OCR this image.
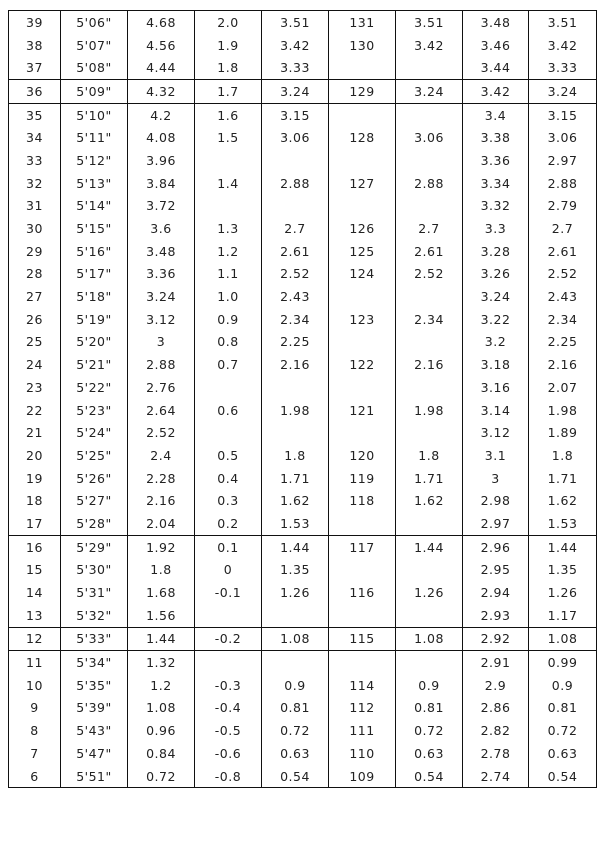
39	5'06"	4.68	2.0	3.51	131	3.51	3.48	3.51
38	5'07"	4.56	1.9	3.42	130	3.42	3.46	3.42
37	5'08"	4.44	1.8	3.33			3.44	3.33
36	5'09"	4.32	1.7	3.24	129	3.24	3.42	3.24
35	5'10"	4.2	1.6	3.15			3.4	3.15
34	5'11"	4.08	1.5	3.06	128	3.06	3.38	3.06
33	5'12"	3.96					3.36	2.97
32	5'13"	3.84	1.4	2.88	127	2.88	3.34	2.88
31	5'14"	3.72					3.32	2.79
30	5'15"	3.6	1.3	2.7	126	2.7	3.3	2.7
29	5'16"	3.48	1.2	2.61	125	2.61	3.28	2.61
28	5'17"	3.36	1.1	2.52	124	2.52	3.26	2.52
27	5'18"	3.24	1.0	2.43			3.24	2.43
26	5'19"	3.12	0.9	2.34	123	2.34	3.22	2.34
25	5'20"	3	0.8	2.25			3.2	2.25
24	5'21"	2.88	0.7	2.16	122	2.16	3.18	2.16
23	5'22"	2.76					3.16	2.07
22	5'23"	2.64	0.6	1.98	121	1.98	3.14	1.98
21	5'24"	2.52					3.12	1.89
20	5'25"	2.4	0.5	1.8	120	1.8	3.1	1.8
19	5'26"	2.28	0.4	1.71	119	1.71	3	1.71
18	5'27"	2.16	0.3	1.62	118	1.62	2.98	1.62
17	5'28"	2.04	0.2	1.53			2.97	1.53
16	5'29"	1.92	0.1	1.44	117	1.44	2.96	1.44
15	5'30"	1.8	0	1.35			2.95	1.35
14	5'31"	1.68	-0.1	1.26	116	1.26	2.94	1.26
13	5'32"	1.56					2.93	1.17
12	5'33"	1.44	-0.2	1.08	115	1.08	2.92	1.08
11	5'34"	1.32					2.91	0.99
10	5'35"	1.2	-0.3	0.9	114	0.9	2.9	0.9
9	5'39"	1.08	-0.4	0.81	112	0.81	2.86	0.81
8	5'43"	0.96	-0.5	0.72	111	0.72	2.82	0.72
7	5'47"	0.84	-0.6	0.63	110	0.63	2.78	0.63
6	5'51"	0.72	-0.8	0.54	109	0.54	2.74	0.54
